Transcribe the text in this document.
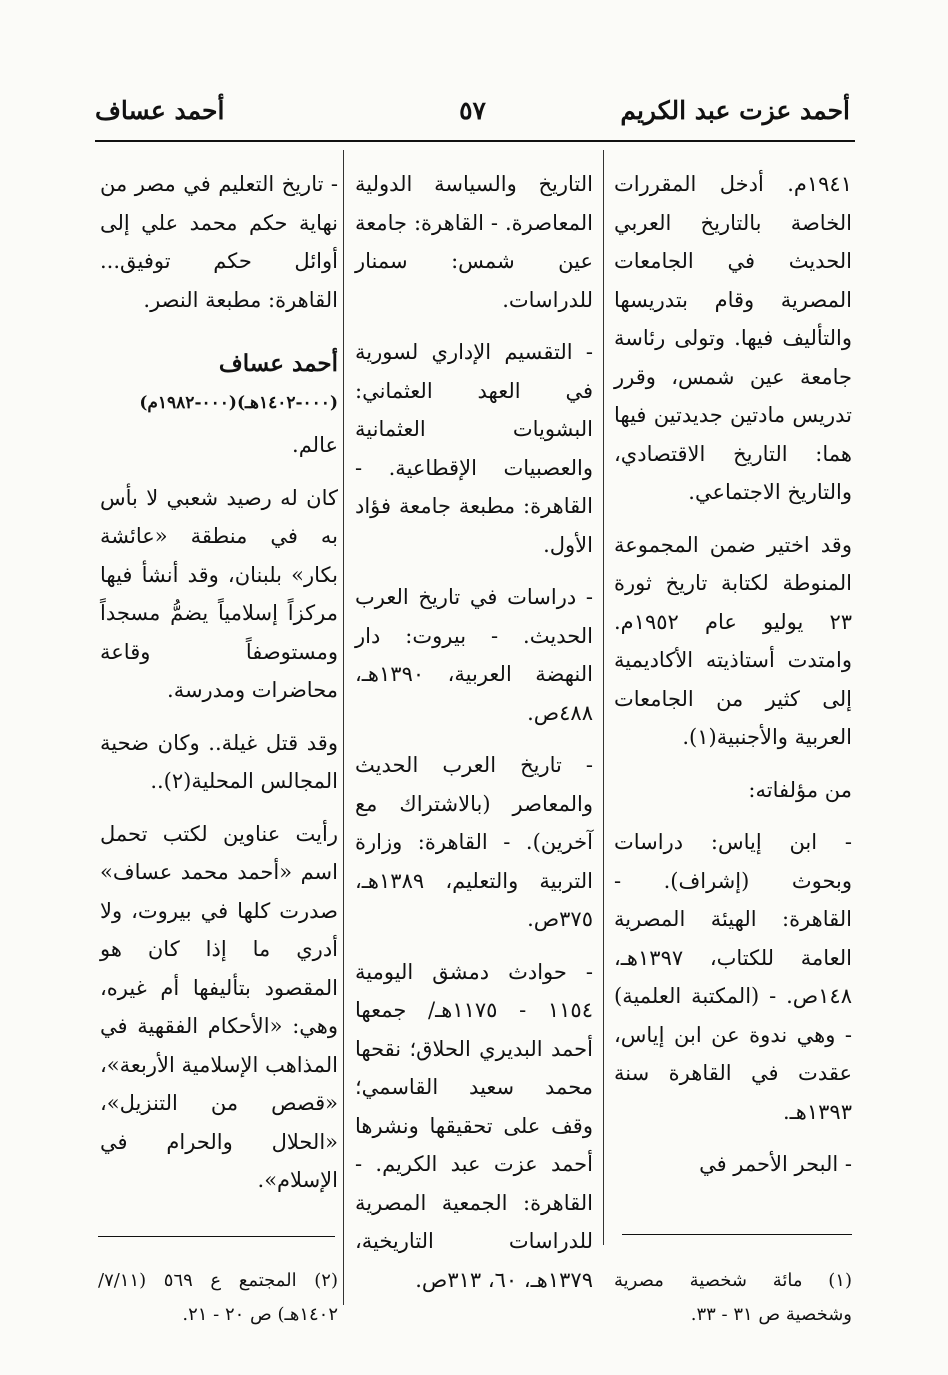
أحمد عزت عبد الكريم
٥٧
أحمد عساف

١٩٤١م. أدخل المقررات الخاصة بالتاريخ العربي الحديث في الجامعات المصرية وقام بتدريسها والتأليف فيها. وتولى رئاسة جامعة عين شمس، وقرر تدريس مادتين جديدتين فيها هما: التاريخ الاقتصادي، والتاريخ الاجتماعي.

وقد اختير ضمن المجموعة المنوطة لكتابة تاريخ ثورة ٢٣ يوليو عام ١٩٥٢م. وامتدت أستاذيته الأكاديمية إلى كثير من الجامعات العربية والأجنبية(١).

من مؤلفاته:

- ابن إياس: دراسات وبحوث (إشراف). - القاهرة: الهيئة المصرية العامة للكتاب، ١٣٩٧هـ، ١٤٨ص. - (المكتبة العلمية) - وهي ندوة عن ابن إياس، عقدت في القاهرة سنة ١٣٩٣هـ.

- البحر الأحمر في

التاريخ والسياسة الدولية المعاصرة. - القاهرة: جامعة عين شمس: سمنار للدراسات.

- التقسيم الإداري لسورية في العهد العثماني: البشويات العثمانية والعصبيات الإقطاعية. - القاهرة: مطبعة جامعة فؤاد الأول.

- دراسات في تاريخ العرب الحديث. - بيروت: دار النهضة العربية، ١٣٩٠هـ، ٤٨٨ص.

- تاريخ العرب الحديث والمعاصر (بالاشتراك مع آخرين). - القاهرة: وزارة التربية والتعليم، ١٣٨٩هـ، ٣٧٥ص.

- حوادث دمشق اليومية ١١٥٤ - ١١٧٥هـ/ جمعها أحمد البديري الحلاق؛ نقحها محمد سعيد القاسمي؛ وقف على تحقيقها ونشرها أحمد عزت عبد الكريم. - القاهرة: الجمعية المصرية للدراسات التاريخية، ١٣٧٩هـ، ٦٠، ٣١٣ص.

- تاريخ التعليم في مصر من نهاية حكم محمد علي إلى أوائل حكم توفيق... القاهرة: مطبعة النصر.

أحمد عساف

(٠٠٠-١٤٠٢هـ)(٠٠٠-١٩٨٢م)

عالم.

كان له رصيد شعبي لا بأس به في منطقة «عائشة بكار» بلبنان، وقد أنشأ فيها مركزاً إسلامياً يضمُّ مسجداً ومستوصفاً وقاعة محاضرات ومدرسة.

وقد قتل غيلة.. وكان ضحية المجالس المحلية(٢)..

رأيت عناوين لكتب تحمل اسم «أحمد محمد عساف» صدرت كلها في بيروت، ولا أدري ما إذا كان هو المقصود بتأليفها أم غيره، وهي: «الأحكام الفقهية في المذاهب الإسلامية الأربعة»، «قصص من التنزيل»، «الحلال والحرام في الإسلام».

(١) مائة شخصية مصرية وشخصية ص ٣١ - ٣٣.

(٢) المجتمع ع ٥٦٩ (٧/١١/ ١٤٠٢هـ) ص ٢٠ - ٢١.
